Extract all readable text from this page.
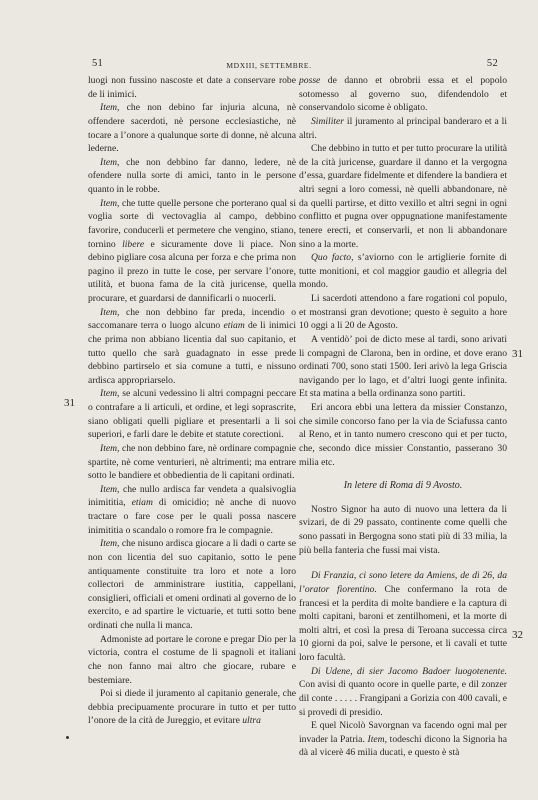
51	MDXIII, SETTEMBRE.	52
31
31
32

luogi non fussino nascoste et date a conservare robe de li inimici.

Item, che non debino far injuria alcuna, nè offendere sacerdoti, nè persone ecclesiastiche, nè tocare a l’onore a qualunque sorte di donne, nè alcuna lederne.

Item, che non debbino far danno, ledere, nè ofendere nulla sorte di amici, tanto in le persone quanto in le robbe.

Item, che tutte quelle persone che porterano qual si voglia sorte di vectovaglia al campo, debbino favorire, conducerli et permetere che vengino, stiano, tornino libere e sicuramente dove li piace. Non debino pigliare cosa alcuna per forza e che prima non pagino il prezo in tutte le cose, per servare l’onore, utilità, et buona fama de la cità juricense, quella procurare, et guardarsi de dannificarli o nuocerli.

Item, che non debbino far preda, incendio o saccomanare terra o luogo alcuno etiam de li inimici che prima non abbiano licentia dal suo capitanio, et tutto quello che sarà guadagnato in esse prede debbino partirselo et sia comune a tutti, e nissuno ardisca appropriarselo.

Item, se alcuni vedessino li altri compagni peccare o contrafare a li articuli, et ordine, et legi soprascrite, siano obligati quelli pigliare et presentarli a li soi superiori, e farli dare le debite et statute corectioni.

Item, che non debbino fare, nè ordinare compagnie spartite, nè come venturieri, nè altrimenti; ma entrare sotto le bandiere et obbedientia de li capitani ordinati.

Item, che nullo ardisca far vendeta a qualsivoglia inimititia, etiam di omicidio; nè anche di nuovo tractare o fare cose per le quali possa nascere inimititia o scandalo o romore fra le compagnie.

Item, che nisuno ardisca giocare a li dadi o carte se non con licentia del suo capitanio, sotto le pene antiquamente constituite tra loro et note a loro collectori de amministrare iustitia, cappellani, consiglieri, officiali et omeni ordinati al governo de lo exercito, e ad spartire le victuarie, et tutti sotto bene ordinati che nulla li manca.

Admoniste ad portare le corone e pregar Dio per la victoria, contra el costume de li spagnoli et italiani che non fanno mai altro che giocare, rubare e bestemiare.

Poi si diede il juramento al capitanio generale, che debbia precipuamente procurare in tutto et per tutto l’onore de la cità de Jureggio, et evitare ultra

posse de danno et obrobrii essa et el popolo sotomesso al governo suo, difendendolo et conservandolo sicome è obligato.

Similiter il juramento al principal banderaro et a li altri.

Che debbino in tutto et per tutto procurare la utilità de la cità juricense, guardare il danno et la vergogna d’essa, guardare fidelmente et difendere la bandiera et altri segni a loro comessi, nè quelli abbandonare, nè da quelli partirse, et ditto vexillo et altri segni in ogni conflitto et pugna over oppugnatione manifestamente tenere erecti, et conservarli, et non li abbandonare sino a la morte.

Quo facto, s’aviorno con le artiglierie fornite di tutte monitioni, et col maggior gaudio et allegria del mondo.

Li sacerdoti attendono a fare rogationi col populo, et mostransi gran devotione; questo è seguito a hore 10 oggi a li 20 de Agosto.

A ventidò’ poi de dicto mese al tardi, sono arivati li compagni de Clarona, ben in ordine, et dove erano ordinati 700, sono stati 1500. Ieri arivò la lega Griscia navigando per lo lago, et d’altri luogi gente infinita. Et sta matina a bella ordinanza sono partiti.

Eri ancora ebbi una lettera da missier Constanzo, che simile concorso fano per la via de Sciafussa canto al Reno, et in tanto numero crescono qui et per tucto, che, secondo dice missier Constantio, passerano 30 milia etc.

In letere di Roma di 9 Avosto.

Nostro Signor ha auto di nuovo una lettera da li svizari, de di 29 passato, continente come quelli che sono passati in Bergogna sono stati più di 33 milia, la più bella fanteria che fussi mai vista.

Di Franzia, ci sono letere da Amiens, de dì 26, da l’orator fiorentino. Che confermano la rota de francesi et la perdita di molte bandiere e la captura di molti capitani, baroni et zentilhomeni, et la morte di molti altri, et così la presa di Teroana successa circa 10 giorni da poi, salve le persone, et li cavali et tutte loro facultà.

Di Udene, di sier Jacomo Badoer luogotenente. Con avisi di quanto ocore in quelle parte, e dil zonzer dil conte . . . . . Frangipani a Gorizia con 400 cavali, e si provedi di presidio.

E quel Nicolò Savorgnan va facendo ogni mal per invader la Patria. Item, todeschi dicono la Signoria ha dà al vicerè 46 milia ducati, e questo è stà
